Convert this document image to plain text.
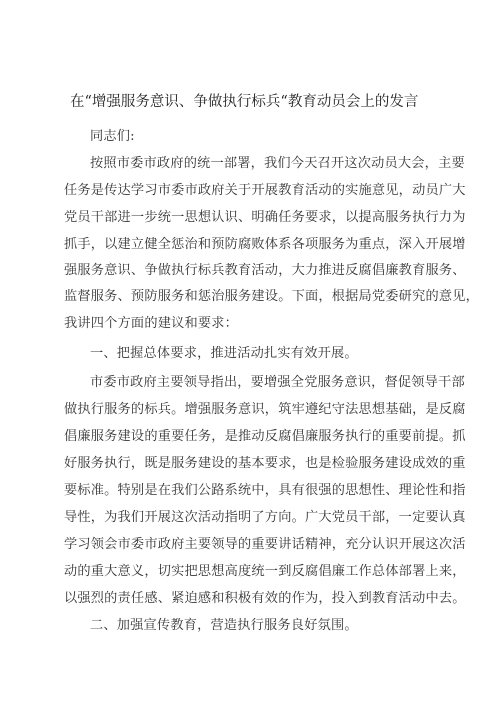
在“增强服务意识、争做执行标兵“教育动员会上的发言
同志们:
按照市委市政府的统一部署，我们今天召开这次动员大会，主要
任务是传达学习市委市政府关于开展教育活动的实施意见，动员广大
党员干部进一步统一思想认识、明确任务要求，以提高服务执行力为
抓手，以建立健全惩治和预防腐败体系各项服务为重点，深入开展增
强服务意识、争做执行标兵教育活动，大力推进反腐倡廉教育服务、
监督服务、预防服务和惩治服务建设。下面，根据局党委研究的意见，
我讲四个方面的建议和要求：
一、把握总体要求，推进活动扎实有效开展。
市委市政府主要领导指出，要增强全党服务意识，督促领导干部
做执行服务的标兵。增强服务意识，筑牢遵纪守法思想基础，是反腐
倡廉服务建设的重要任务，是推动反腐倡廉服务执行的重要前提。抓
好服务执行，既是服务建设的基本要求，也是检验服务建设成效的重
要标准。特别是在我们公路系统中，具有很强的思想性、理论性和指
导性，为我们开展这次活动指明了方向。广大党员干部，一定要认真
学习领会市委市政府主要领导的重要讲话精神，充分认识开展这次活
动的重大意义，切实把思想高度统一到反腐倡廉工作总体部署上来，
以强烈的责任感、紧迫感和积极有效的作为，投入到教育活动中去。
二、加强宣传教育，营造执行服务良好氛围。
